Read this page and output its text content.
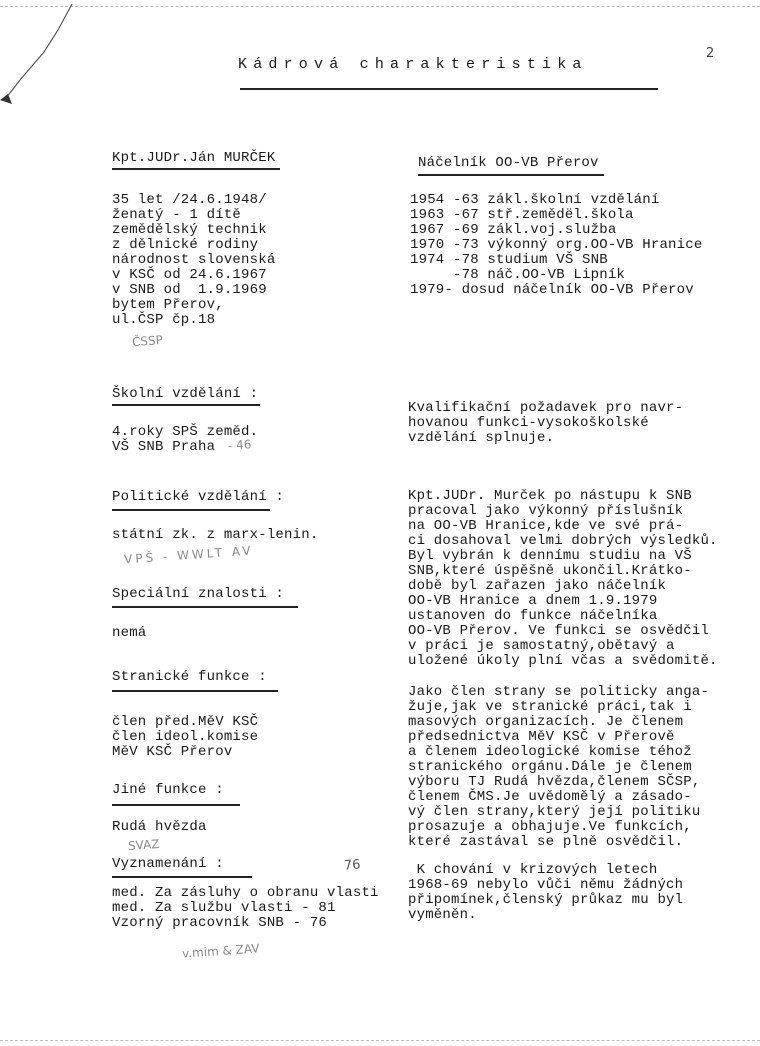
2
Kádrová charakteristika
Kpt.JUDr.Ján MURČEK	Náčelník OO-VB Přerov
35 let /24.6.1948/
ženatý - 1 dítě
zemědělský technik
z dělnické rodiny
národnost slovenská
v KSČ od 24.6.1967
v SNB od  1.9.1969
bytem Přerov,
ul.ČSP čp.18
ČSSP
1954 -63 zákl.školní vzdělání
1963 -67 stř.zemědël.škola
1967 -69 zákl.voj.služba
1970 -73 výkonný org.OO-VB Hranice
1974 -78 studium VŠ SNB
-78 náč.OO-VB Lipník
1979- dosud náčelník OO-VB Přerov
Školní vzdělání :
4.roky SPŠ zeměd.
VŠ SNB Praha	- 46
Kvalifikační požadavek pro navr-
hovanou funkci-vysokoškolské
vzdělání splnuje.
Politické vzdělání :
státní zk. z marx-lenin.
VPŠ - WWLT AV
Speciální znalosti :
nemá
Stranické funkce :
člen před.MěV KSČ
člen ideol.komise
MěV KSČ Přerov
Jiné funkce :
Rudá hvězda
SVAZ
Vyznamenání :	76
med. Za zásluhy o obranu vlasti
med. Za službu vlasti - 81
Vzorný pracovník SNB - 76
v.mim & ZAV
Kpt.JUDr. Murček po nástupu k SNB
pracoval jako výkonný příslušník
na OO-VB Hranice,kde ve své prá-
ci dosahoval velmi dobrých výsledků.
Byl vybrán k dennímu studiu na VŠ
SNB,které úspěšně ukončil.Krátko-
době byl zařazen jako náčelník
OO-VB Hranice a dnem 1.9.1979
ustanoven do funkce náčelníka
OO-VB Přerov. Ve funkci se osvědčil
v práci je samostatný,obětavý a
uložené úkoly plní včas a svědomitě.
Jako člen strany se politicky anga-
žuje,jak ve stranické práci,tak i
masových organizacích. Je členem
předsednictva MěV KSČ v Přerově
a členem ideologické komise téhož
stranického orgánu.Dále je členem
výboru TJ Rudá hvězda,členem SČSP,
členem ČMS.Je uvědomělý a zásado-
vý člen strany,který její politiku
prosazuje a obhajuje.Ve funkcích,
které zastával se plně osvědčil.
K chování v krizových letech
1968-69 nebylo vůči němu žádných
připomínek,členský průkaz mu byl
vyměněn.
